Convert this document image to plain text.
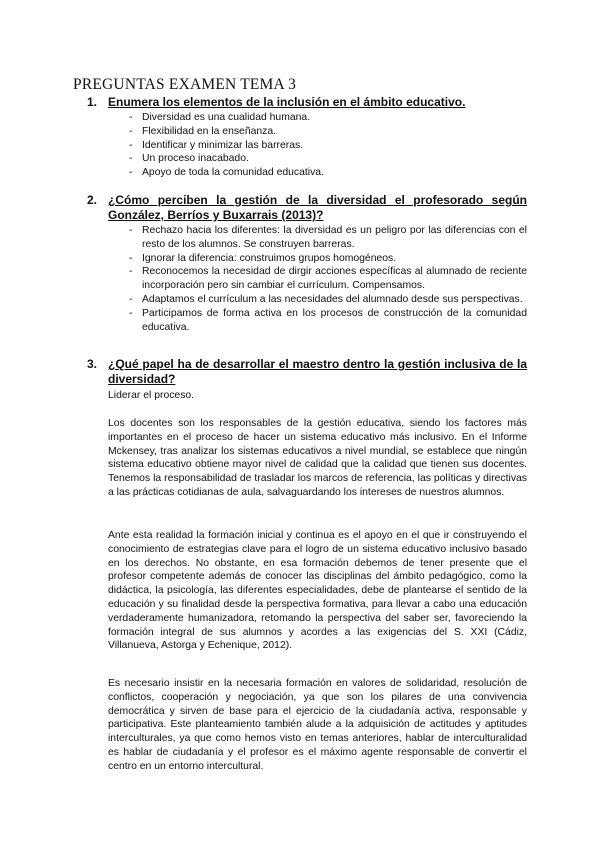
PREGUNTAS EXAMEN TEMA 3
1. Enumera los elementos de la inclusión en el ámbito educativo.
- Diversidad es una cualidad humana.
- Flexibilidad en la enseñanza.
- Identificar y minimizar las barreras.
- Un proceso inacabado.
- Apoyo de toda la comunidad educativa.
2. ¿Cómo perciben la gestión de la diversidad el profesorado según González, Berríos y Buxarrais (2013)?
- Rechazo hacia los diferentes: la diversidad es un peligro por las diferencias con el resto de los alumnos. Se construyen barreras.
- Ignorar la diferencia: construimos grupos homogéneos.
- Reconocemos la necesidad de dirgir acciones específicas al alumnado de reciente incorporación pero sin cambiar el currículum. Compensamos.
- Adaptamos el currículum a las necesidades del alumnado desde sus perspectivas.
- Participamos de forma activa en los procesos de construcción de la comunidad educativa.
3. ¿Qué papel ha de desarrollar el maestro dentro la gestión inclusiva de la diversidad?

Liderar el proceso.

Los docentes son los responsables de la gestión educativa, siendo los factores más importantes en el proceso de hacer un sistema educativo más inclusivo. En el Informe Mckensey, tras analizar los sistemas educativos a nivel mundial, se establece que ningún sistema educativo obtiene mayor nivel de calidad que la calidad que tienen sus docentes. Tenemos la responsabilidad de trasladar los marcos de referencia, las políticas y directivas a las prácticas cotidianas de aula, salvaguardando los intereses de nuestros alumnos.

Ante esta realidad la formación inicial y continua es el apoyo en el que ir construyendo el conocimiento de estrategias clave para el logro de un sistema educativo inclusivo basado en los derechos. No obstante, en esa formación debemos de tener presente que el profesor competente además de conocer las disciplinas del ámbito pedagógico, como la didáctica, la psicología, las diferentes especialidades, debe de plantearse el sentido de la educación y su finalidad desde la perspectiva formativa, para llevar a cabo una educación verdaderamente humanizadora, retomando la perspectiva del saber ser, favoreciendo la formación integral de sus alumnos y acordes a las exigencias del S. XXI (Cádiz, Villanueva, Astorga y Echenique, 2012).

Es necesario insistir en la necesaria formación en valores de solidaridad, resolución de conflictos, cooperación y negociación, ya que son los pilares de una convivencia democrática y sirven de base para el ejercicio de la ciudadanía activa, responsable y participativa. Este planteamiento también alude a la adquisición de actitudes y aptitudes interculturales, ya que como hemos visto en temas anteriores, hablar de interculturalidad es hablar de ciudadanía y el profesor es el máximo agente responsable de convertir el centro en un entorno intercultural.
